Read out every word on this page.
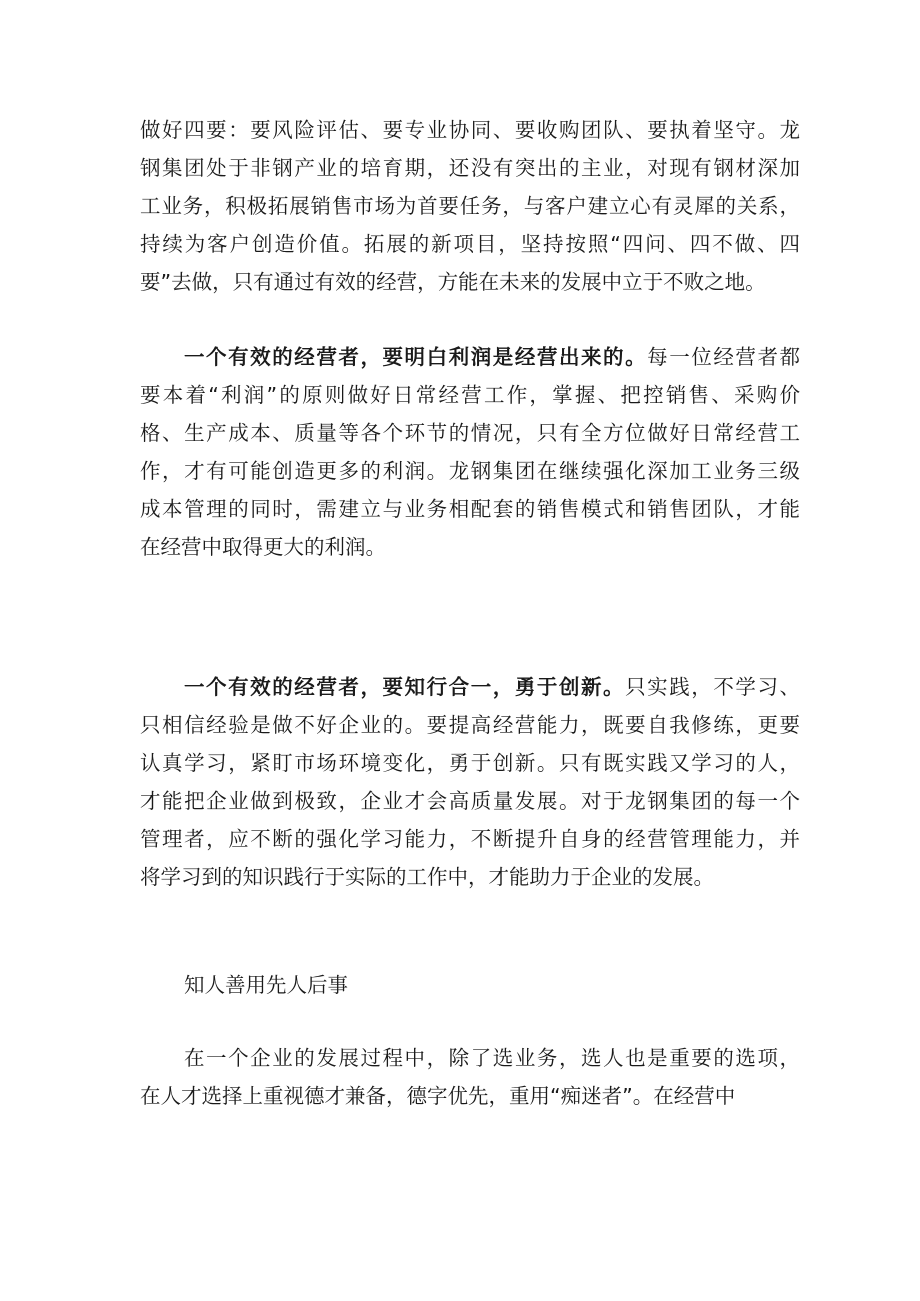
做好四要：要风险评估、要专业协同、要收购团队、要执着坚守。龙
钢集团处于非钢产业的培育期，还没有突出的主业，对现有钢材深加
工业务，积极拓展销售市场为首要任务，与客户建立心有灵犀的关系，
持续为客户创造价值。拓展的新项目，坚持按照“四问、四不做、四
要”去做，只有通过有效的经营，方能在未来的发展中立于不败之地。
一个有效的经营者，要明白利润是经营出来的。每一位经营者都
要本着“利润”的原则做好日常经营工作，掌握、把控销售、采购价
格、生产成本、质量等各个环节的情况，只有全方位做好日常经营工
作，才有可能创造更多的利润。龙钢集团在继续强化深加工业务三级
成本管理的同时，需建立与业务相配套的销售模式和销售团队，才能
在经营中取得更大的利润。
一个有效的经营者，要知行合一，勇于创新。只实践，不学习、
只相信经验是做不好企业的。要提高经营能力，既要自我修练，更要
认真学习，紧盯市场环境变化，勇于创新。只有既实践又学习的人，
才能把企业做到极致，企业才会高质量发展。对于龙钢集团的每一个
管理者，应不断的强化学习能力，不断提升自身的经营管理能力，并
将学习到的知识践行于实际的工作中，才能助力于企业的发展。
知人善用先人后事
在一个企业的发展过程中，除了选业务，选人也是重要的选项，
在人才选择上重视德才兼备，德字优先，重用“痴迷者”。在经营中
